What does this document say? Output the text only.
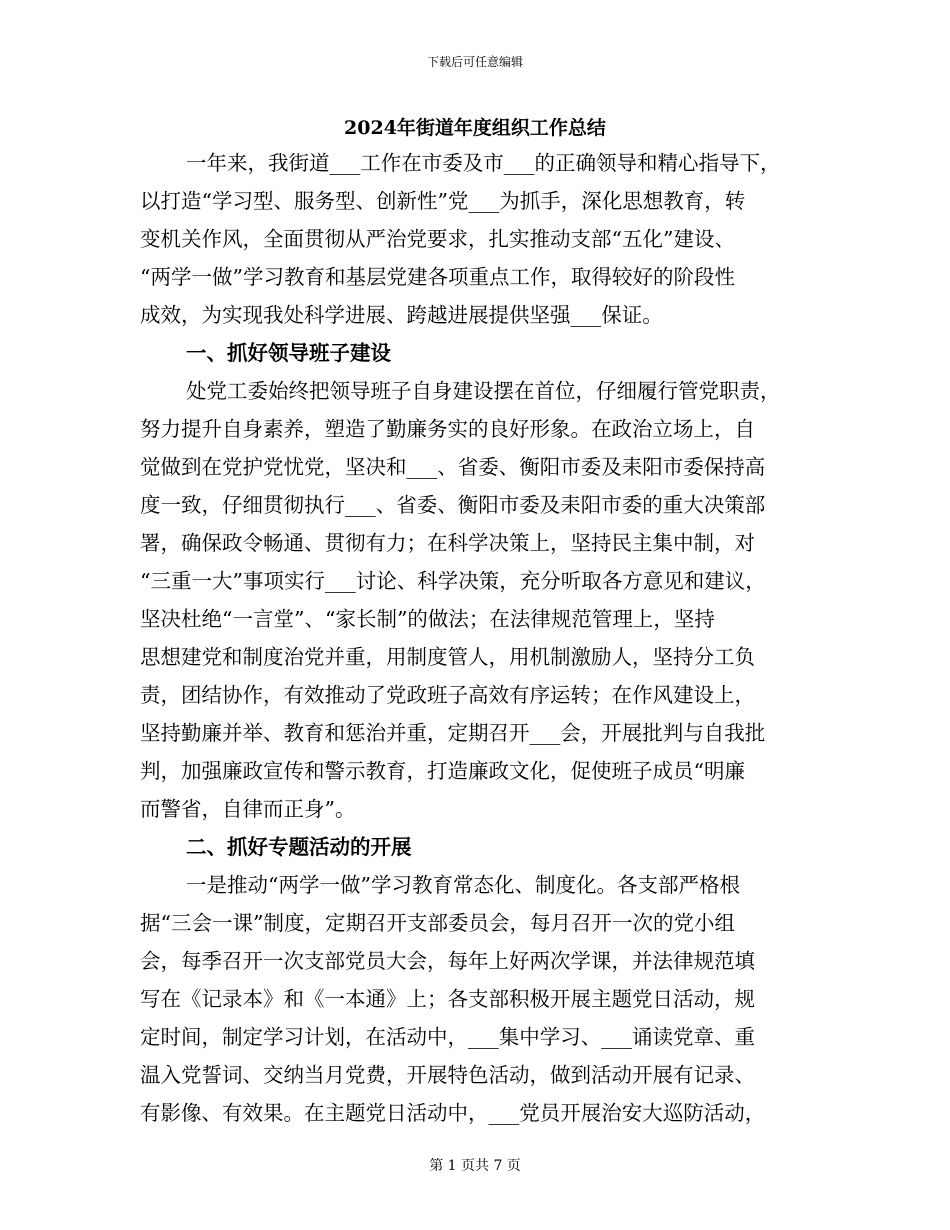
下载后可任意编辑
2024年街道年度组织工作总结
一年来，我街道___工作在市委及市___的正确领导和精心指导下，
以打造“学习型、服务型、创新性”党___为抓手，深化思想教育，转
变机关作风，全面贯彻从严治党要求，扎实推动支部“五化”建设、
“两学一做”学习教育和基层党建各项重点工作，取得较好的阶段性
成效，为实现我处科学进展、跨越进展提供坚强___保证。
一、抓好领导班子建设
处党工委始终把领导班子自身建设摆在首位，仔细履行管党职责，
努力提升自身素养，塑造了勤廉务实的良好形象。在政治立场上，自
觉做到在党护党忧党，坚决和___、省委、衡阳市委及耒阳市委保持高
度一致，仔细贯彻执行___、省委、衡阳市委及耒阳市委的重大决策部
署，确保政令畅通、贯彻有力；在科学决策上，坚持民主集中制，对
“三重一大”事项实行___讨论、科学决策，充分听取各方意见和建议，
坚决杜绝“一言堂”、“家长制”的做法；在法律规范管理上，坚持
思想建党和制度治党并重，用制度管人，用机制激励人，坚持分工负
责，团结协作，有效推动了党政班子高效有序运转；在作风建设上，
坚持勤廉并举、教育和惩治并重，定期召开___会，开展批判与自我批
判，加强廉政宣传和警示教育，打造廉政文化，促使班子成员“明廉
而警省，自律而正身”。
二、抓好专题活动的开展
一是推动“两学一做”学习教育常态化、制度化。各支部严格根
据“三会一课”制度，定期召开支部委员会，每月召开一次的党小组
会，每季召开一次支部党员大会，每年上好两次学课，并法律规范填
写在《记录本》和《一本通》上；各支部积极开展主题党日活动，规
定时间，制定学习计划，在活动中，___集中学习、___诵读党章、重
温入党誓词、交纳当月党费，开展特色活动，做到活动开展有记录、
有影像、有效果。在主题党日活动中，___党员开展治安大巡防活动，
第 1 页共 7 页
